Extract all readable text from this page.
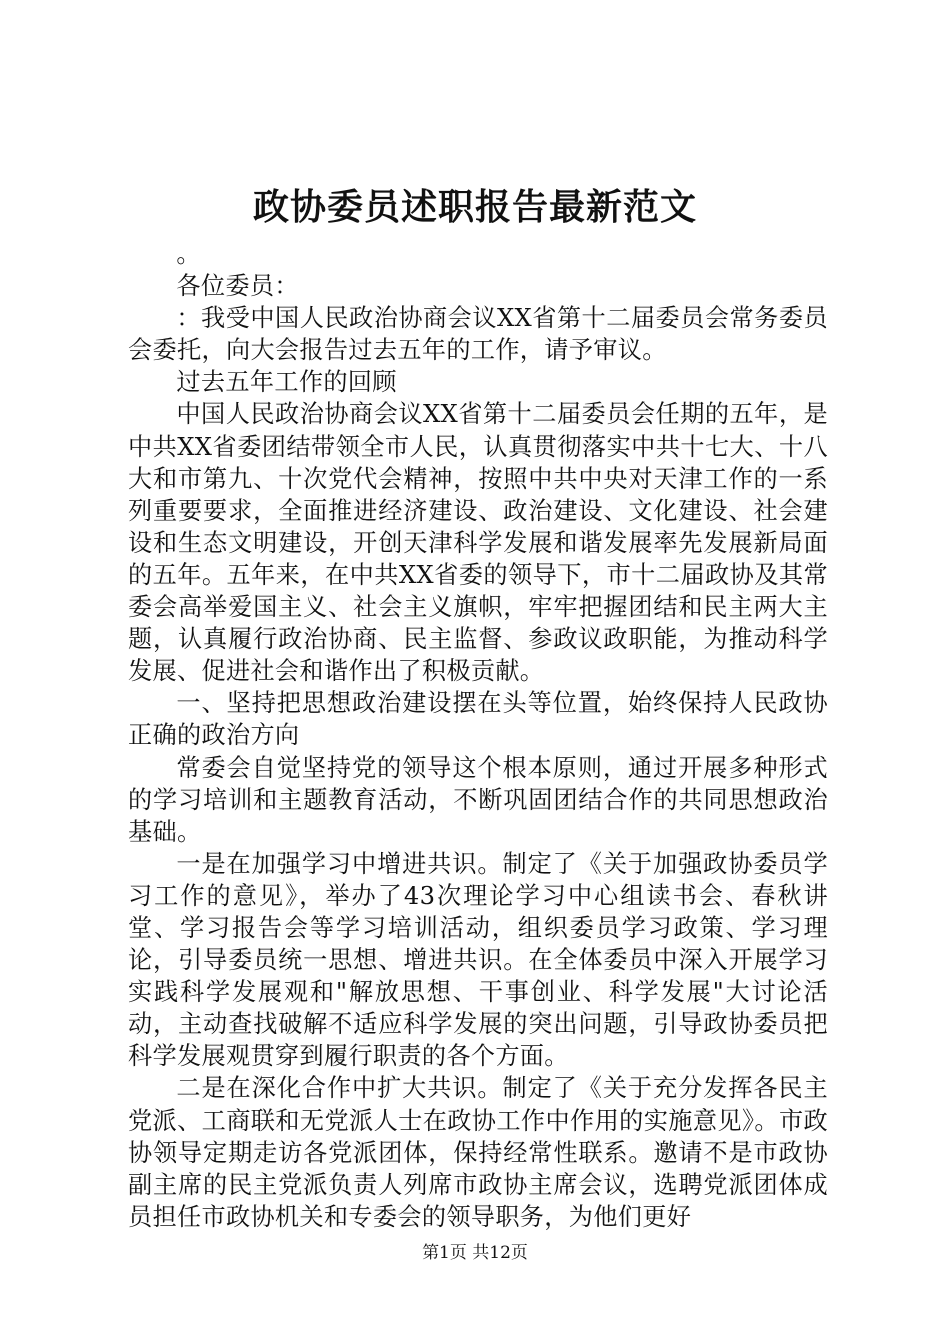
政协委员述职报告最新范文

。

各位委员：

：我受中国人民政治协商会议XX省第十二届委员会常务委员会委托，向大会报告过去五年的工作，请予审议。

过去五年工作的回顾

中国人民政治协商会议XX省第十二届委员会任期的五年，是中共XX省委团结带领全市人民，认真贯彻落实中共十七大、十八大和市第九、十次党代会精神，按照中共中央对天津工作的一系列重要要求，全面推进经济建设、政治建设、文化建设、社会建设和生态文明建设，开创天津科学发展和谐发展率先发展新局面的五年。五年来，在中共XX省委的领导下，市十二届政协及其常委会高举爱国主义、社会主义旗帜，牢牢把握团结和民主两大主题，认真履行政治协商、民主监督、参政议政职能，为推动科学发展、促进社会和谐作出了积极贡献。

一、坚持把思想政治建设摆在头等位置，始终保持人民政协正确的政治方向

常委会自觉坚持党的领导这个根本原则，通过开展多种形式的学习培训和主题教育活动，不断巩固团结合作的共同思想政治基础。

一是在加强学习中增进共识。制定了《关于加强政协委员学习工作的意见》，举办了43次理论学习中心组读书会、春秋讲堂、学习报告会等学习培训活动，组织委员学习政策、学习理论，引导委员统一思想、增进共识。在全体委员中深入开展学习实践科学发展观和"解放思想、干事创业、科学发展"大讨论活动，主动查找破解不适应科学发展的突出问题，引导政协委员把科学发展观贯穿到履行职责的各个方面。

二是在深化合作中扩大共识。制定了《关于充分发挥各民主党派、工商联和无党派人士在政协工作中作用的实施意见》。市政协领导定期走访各党派团体，保持经常性联系。邀请不是市政协副主席的民主党派负责人列席市政协主席会议，选聘党派团体成员担任市政协机关和专委会的领导职务，为他们更好

第1页 共12页
